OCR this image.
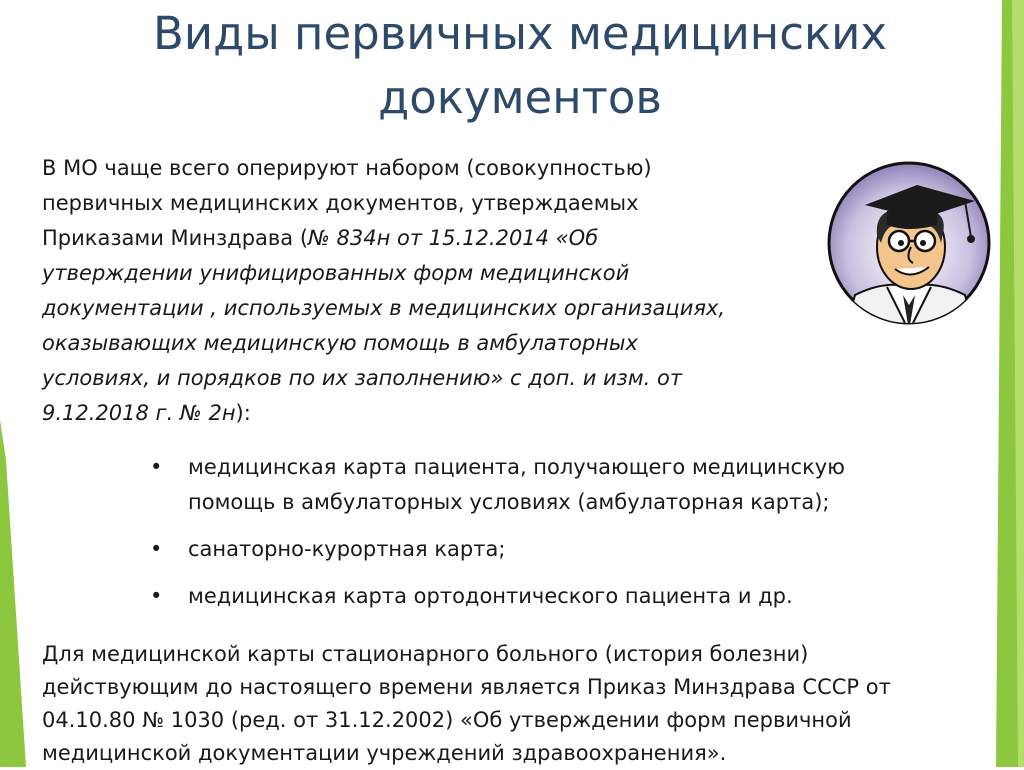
Виды первичных медицинских
документов
В МО чаще всего оперируют набором (совокупностью)
первичных медицинских документов, утверждаемых
Приказами Минздрава (№ 834н от 15.12.2014 «Об
утверждении унифицированных форм медицинской
документации , используемых в медицинских организациях,
оказывающих медицинскую помощь в амбулаторных
условиях, и порядков по их заполнению» с доп. и изм. от
9.12.2018 г. № 2н):
• медицинская карта пациента, получающего медицинскую
помощь в амбулаторных условиях (амбулаторная карта);
• санаторно-курортная карта;
• медицинская карта ортодонтического пациента и др.
Для медицинской карты стационарного больного (история болезни)
действующим до настоящего времени является Приказ Минздрава СССР от
04.10.80 № 1030 (ред. от 31.12.2002) «Об утверждении форм первичной
медицинской документации учреждений здравоохранения».
